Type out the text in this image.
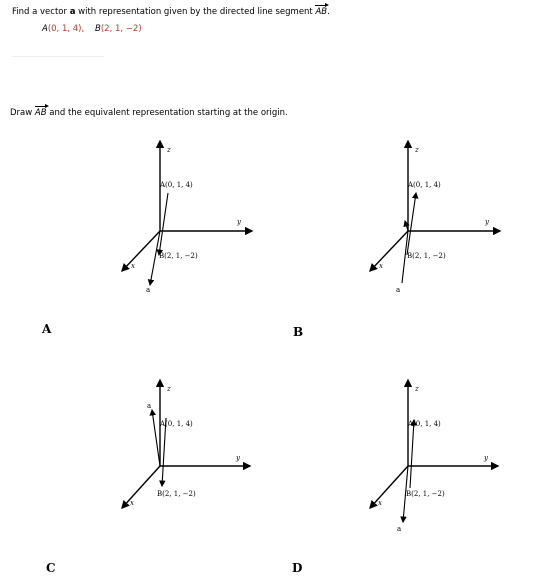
Find a vector a with representation given by the directed line segment AB.
A(0, 1, 4), B(2, 1, −2)
Draw AB and the equivalent representation starting at the origin.
z
y
x
A(0, 1, 4)
B(2, 1, −2)
a
A
z
y
x
A(0, 1, 4)
B(2, 1, −2)
a
B
z
y
x
A(0, 1, 4)
B(2, 1, −2)
a
C
z
y
x
A(0, 1, 4)
B(2, 1, −2)
a
D
